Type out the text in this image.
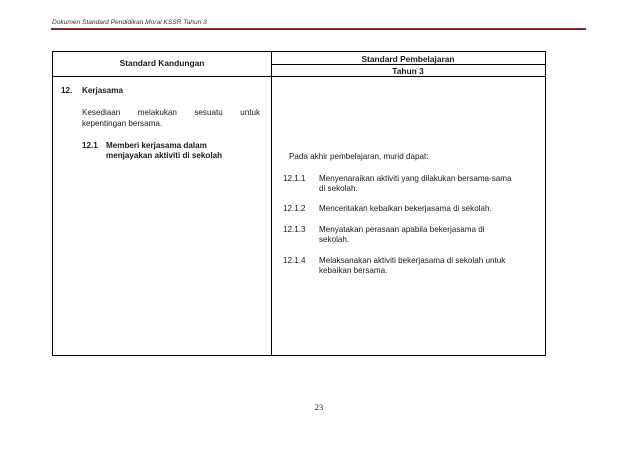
Dokumen Standard Pendidikan Moral KSSR Tahun 3
Standard Kandungan	Standard Pembelajaran
Tahun 3
12. Kerjasama
Kesediaan melakukan sesuatu untuk
kepentingan bersama.
12.1 Memberi kerjasama dalam
menjayakan aktiviti di sekolah	Pada akhir pembelajaran, murid dapat:
12.1.1 Menyenaraikan aktiviti yang dilakukan bersama-sama
di sekolah.
12.1.2 Menceritakan kebaikan bekerjasama di sekolah.
12.1.3 Menyatakan perasaan apabila bekerjasama di
sekolah.
12.1.4 Melaksanakan aktiviti bekerjasama di sekolah untuk
kebaikan bersama.
23
